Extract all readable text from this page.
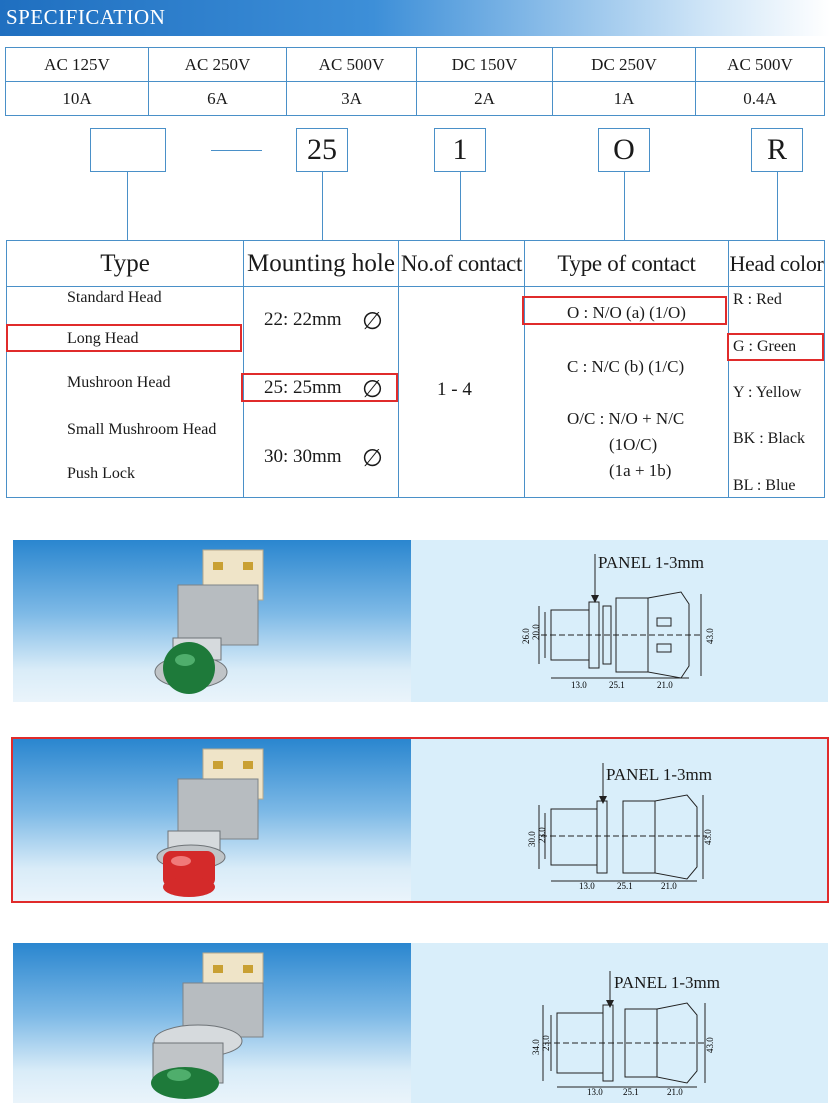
SPECIFICATION
AC 125V	AC 250V	AC 500V	DC 150V	DC 250V	AC 500V
10A	6A	3A	2A	1A	0.4A
25	1	O	R
Type
Standard Head
Long Head
Mushroon Head
Small Mushroom Head
Push Lock
Mounting hole
22: 22mm ∅
25: 25mm ∅
30: 30mm ∅
No.of contact
1 - 4
Type of contact
O : N/O (a) (1/O)
C : N/C (b) (1/C)
O/C : N/O + N/C
(1O/C)
(1a + 1b)
Head color
R : Red
G : Green
Y : Yellow
BK : Black
BL : Blue
PANEL 1-3mm
26.0 20.0
13.0 25.1	21.0
43.0
PANEL 1-3mm
30.0 23.0
13.0 25.1	21.0
43.0
PANEL 1-3mm
34.0 23.0
13.0 25.1	21.0
43.0
